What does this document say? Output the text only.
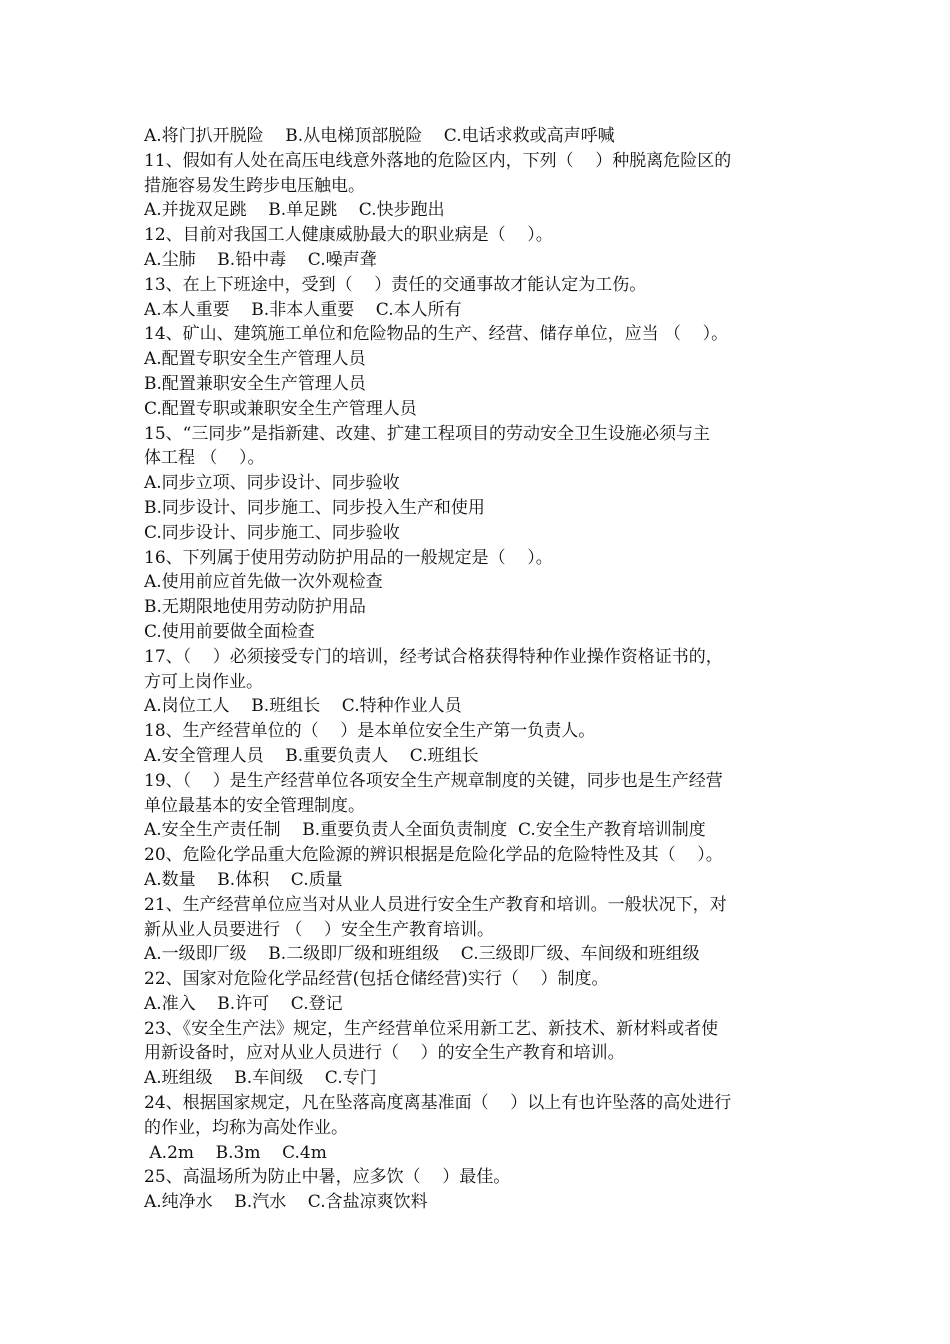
A.将门扒开脱险    B.从电梯顶部脱险    C.电话求救或高声呼喊
11、假如有人处在高压电线意外落地的危险区内，下列（    ）种脱离危险区的
措施容易发生跨步电压触电。
A.并拢双足跳    B.单足跳    C.快步跑出
12、目前对我国工人健康威胁最大的职业病是（    ）。
A.尘肺    B.铅中毒    C.噪声聋
13、在上下班途中，受到（    ）责任的交通事故才能认定为工伤。
A.本人重要    B.非本人重要    C.本人所有
14、矿山、建筑施工单位和危险物品的生产、经营、储存单位，应当 （    ）。
A.配置专职安全生产管理人员
B.配置兼职安全生产管理人员
C.配置专职或兼职安全生产管理人员
15、“三同步”是指新建、改建、扩建工程项目的劳动安全卫生设施必须与主
体工程 （    ）。
A.同步立项、同步设计、同步验收
B.同步设计、同步施工、同步投入生产和使用
C.同步设计、同步施工、同步验收
16、下列属于使用劳动防护用品的一般规定是（    ）。
A.使用前应首先做一次外观检查
B.无期限地使用劳动防护用品
C.使用前要做全面检查
17、（    ）必须接受专门的培训，经考试合格获得特种作业操作资格证书的，
方可上岗作业。
A.岗位工人    B.班组长    C.特种作业人员
18、生产经营单位的（    ）是本单位安全生产第一负责人。
A.安全管理人员    B.重要负责人    C.班组长
19、（    ）是生产经营单位各项安全生产规章制度的关键，同步也是生产经营
单位最基本的安全管理制度。
A.安全生产责任制    B.重要负责人全面负责制度  C.安全生产教育培训制度
20、危险化学品重大危险源的辨识根据是危险化学品的危险特性及其（    ）。
A.数量    B.体积    C.质量
21、生产经营单位应当对从业人员进行安全生产教育和培训。一般状况下，对
新从业人员要进行 （    ）安全生产教育培训。
A.一级即厂级    B.二级即厂级和班组级    C.三级即厂级、车间级和班组级
22、国家对危险化学品经营(包括仓储经营)实行（    ）制度。
A.准入    B.许可    C.登记
23、《安全生产法》规定，生产经营单位采用新工艺、新技术、新材料或者使
用新设备时，应对从业人员进行（    ）的安全生产教育和培训。
A.班组级    B.车间级    C.专门
24、根据国家规定，凡在坠落高度离基准面（    ）以上有也许坠落的高处进行
的作业，均称为高处作业。
A.2m    B.3m    C.4m
25、高温场所为防止中暑，应多饮（    ）最佳。
A.纯净水    B.汽水    C.含盐凉爽饮料
